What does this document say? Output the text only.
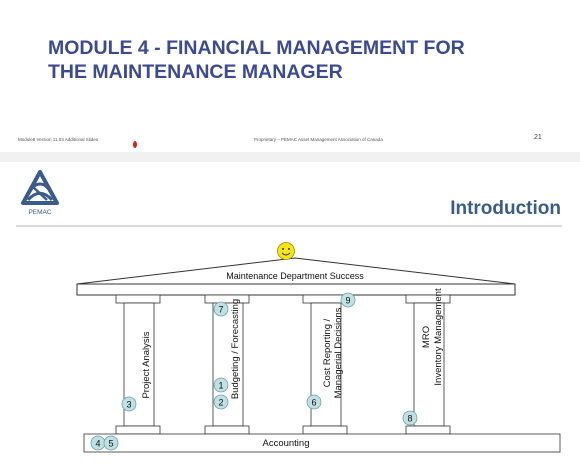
MODULE 4 - FINANCIAL MANAGEMENT FOR THE MAINTENANCE MANAGER
Module8 Version 11.03 Additional Slides	Proprietary – PEMAC Asset Management Association of Canada	21
PEMAC	Introduction
Maintenance Department Success
Project Analysis	Budgeting / Forecasting	Cost Reporting / Managerial Decisions	MRO Inventory Management
Accounting
1
2
3
4 5
6
7
8
9
